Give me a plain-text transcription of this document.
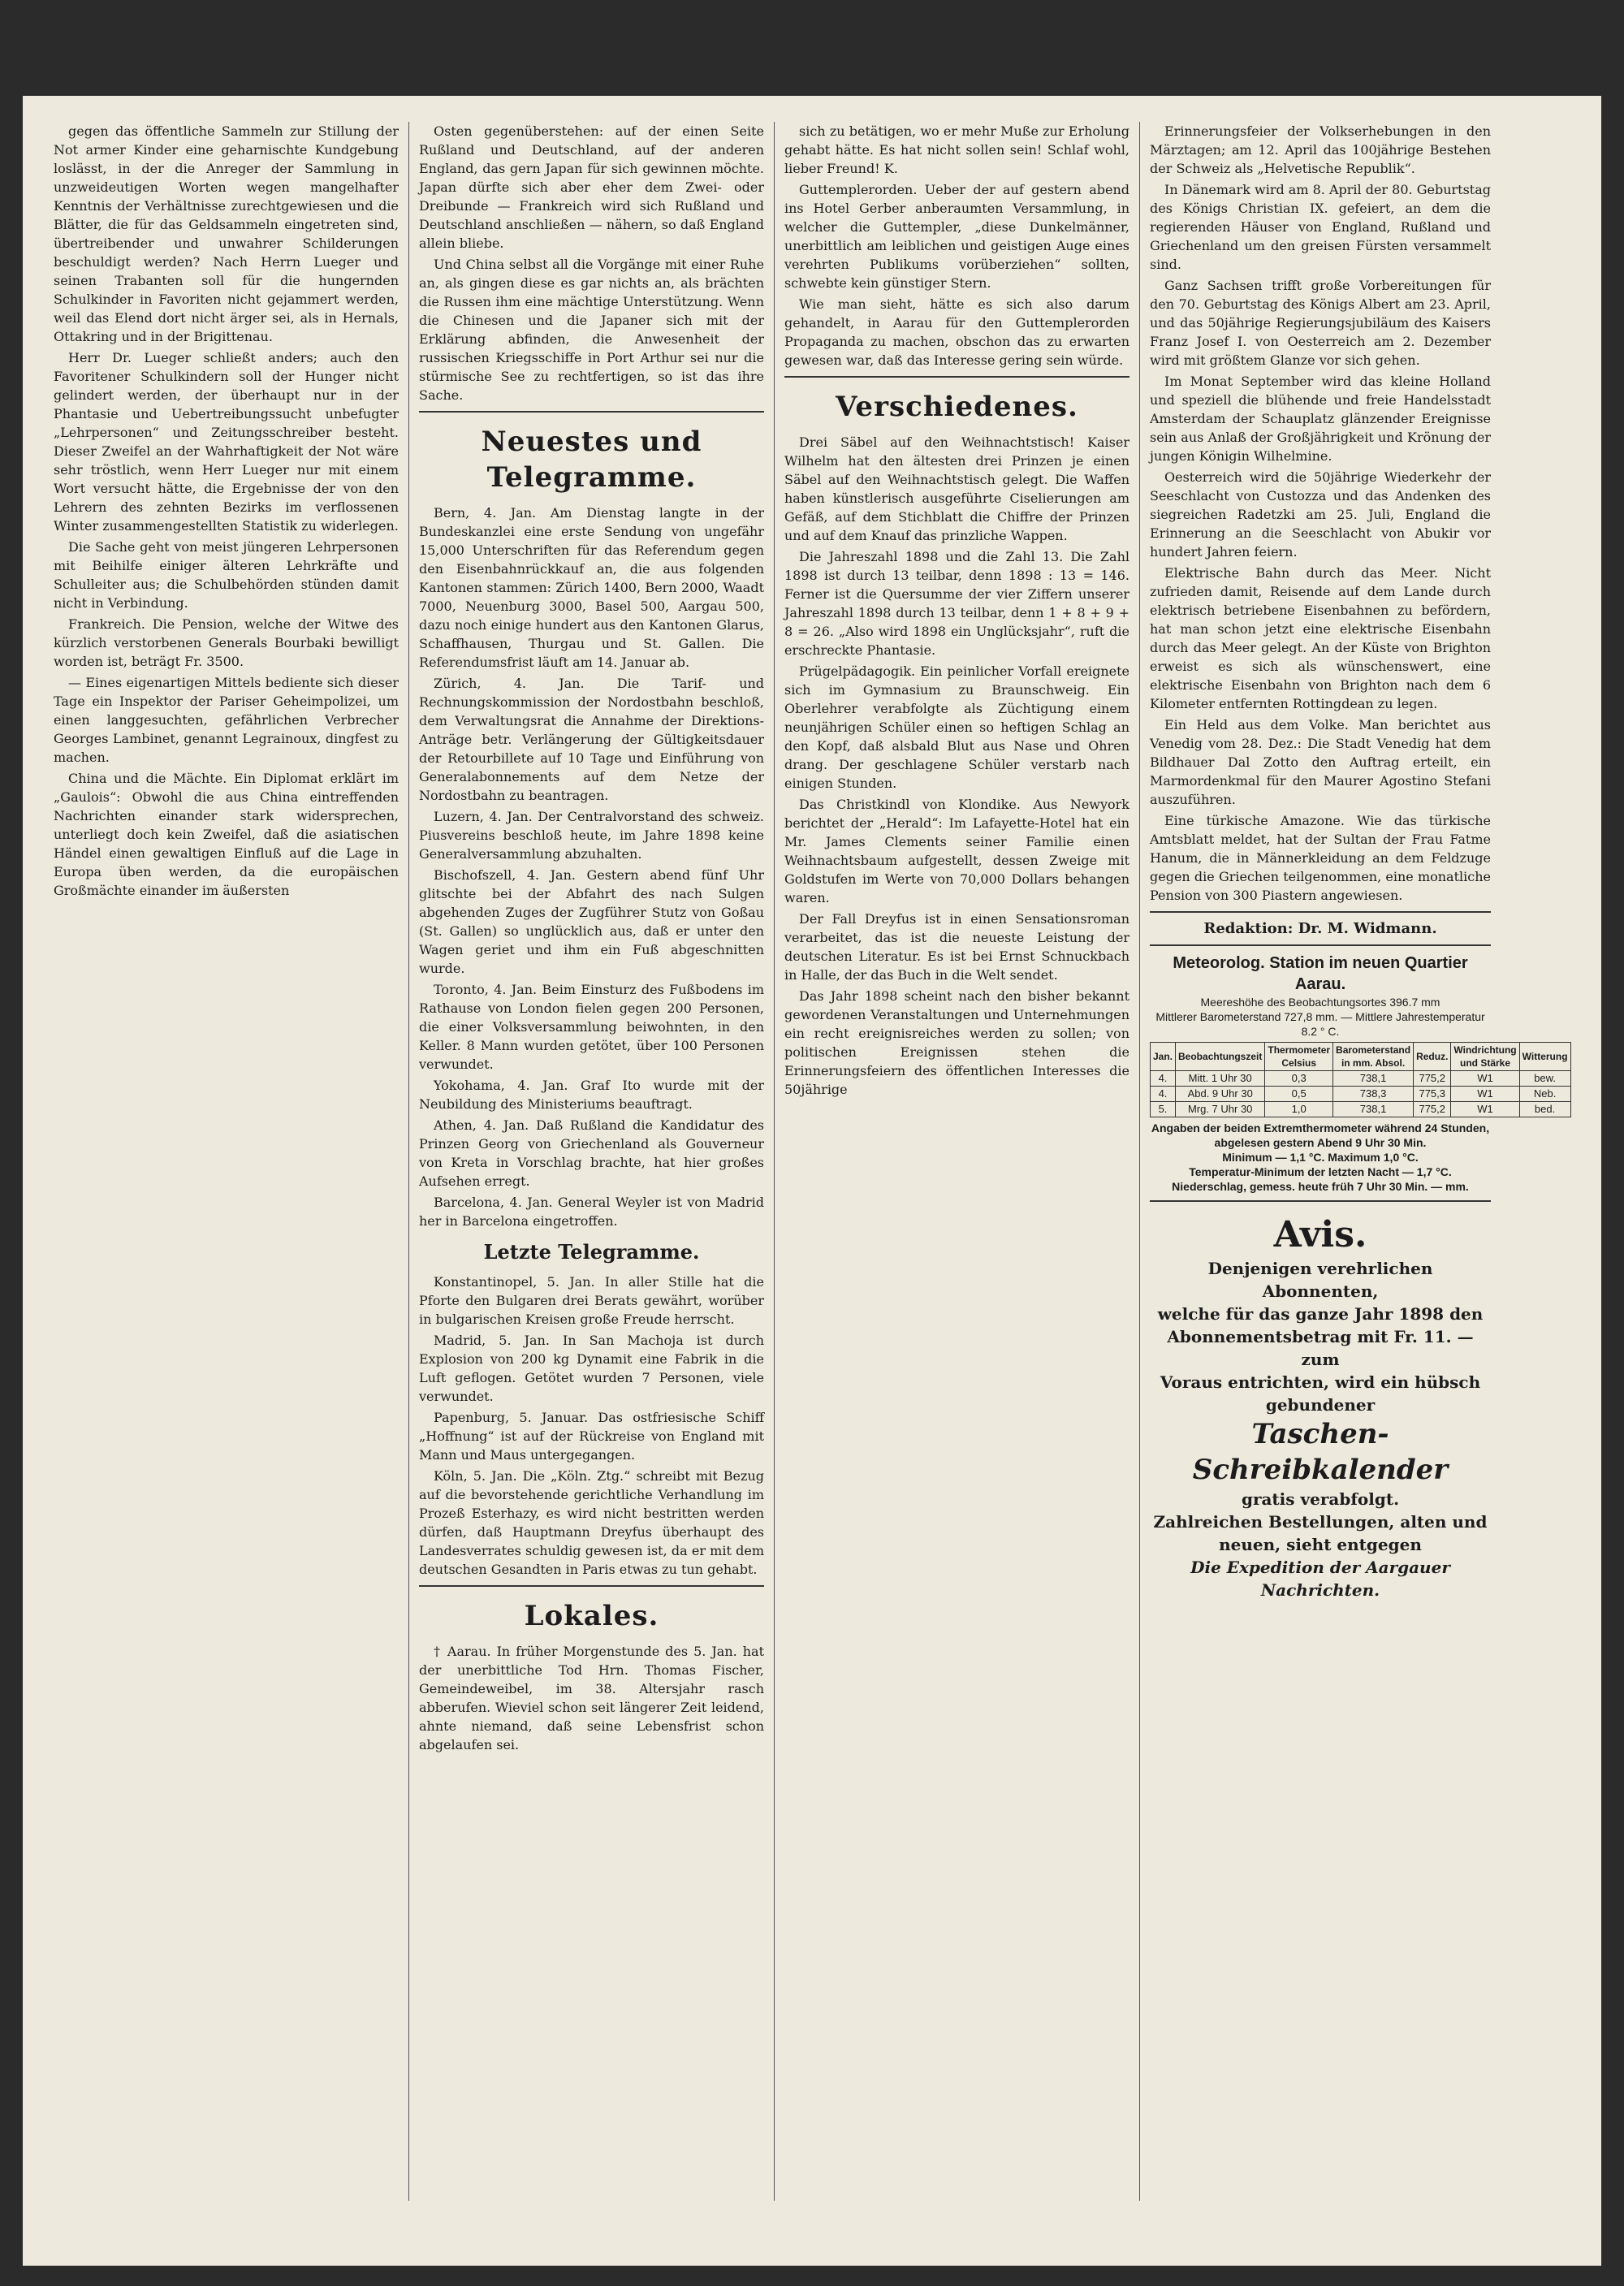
gegen das öffentliche Sammeln zur Stillung der Not armer Kinder eine geharnischte Kundgebung loslässt, in der die Anreger der Sammlung in unzweideutigen Worten wegen mangelhafter Kenntnis der Verhältnisse zurechtgewiesen und die Blätter, die für das Geldsammeln eingetreten sind, übertreibender und unwahrer Schilderungen beschuldigt werden? Nach Herrn Lueger und seinen Trabanten soll für die hungernden Schulkinder in Favoriten nicht gejammert werden, weil das Elend dort nicht ärger sei, als in Hernals, Ottakring und in der Brigittenau.

Herr Dr. Lueger schließt anders; auch den Favoritener Schulkindern soll der Hunger nicht gelindert werden, der überhaupt nur in der Phantasie und Uebertreibungssucht unbefugter „Lehrpersonen“ und Zeitungsschreiber besteht. Dieser Zweifel an der Wahrhaftigkeit der Not wäre sehr tröstlich, wenn Herr Lueger nur mit einem Wort versucht hätte, die Ergebnisse der von den Lehrern des zehnten Bezirks im verflossenen Winter zusammengestellten Statistik zu widerlegen.

Die Sache geht von meist jüngeren Lehrpersonen mit Beihilfe einiger älteren Lehrkräfte und Schulleiter aus; die Schulbehörden stünden damit nicht in Verbindung.

Frankreich. Die Pension, welche der Witwe des kürzlich verstorbenen Generals Bourbaki bewilligt worden ist, beträgt Fr. 3500.

— Eines eigenartigen Mittels bediente sich dieser Tage ein Inspektor der Pariser Geheimpolizei, um einen langgesuchten, gefährlichen Verbrecher Georges Lambinet, genannt Legrainoux, dingfest zu machen.

China und die Mächte. Ein Diplomat erklärt im „Gaulois“: Obwohl die aus China eintreffenden Nachrichten einander stark widersprechen, unterliegt doch kein Zweifel, daß die asiatischen Händel einen gewaltigen Einfluß auf die Lage in Europa üben werden, da die europäischen Großmächte einander im äußersten

Osten gegenüberstehen: auf der einen Seite Rußland und Deutschland, auf der anderen England, das gern Japan für sich gewinnen möchte. Japan dürfte sich aber eher dem Zwei- oder Dreibunde — Frankreich wird sich Rußland und Deutschland anschließen — nähern, so daß England allein bliebe.

Und China selbst all die Vorgänge mit einer Ruhe an, als gingen diese es gar nichts an, als brächten die Russen ihm eine mächtige Unterstützung. Wenn die Chinesen und die Japaner sich mit der Erklärung abfinden, die Anwesenheit der russischen Kriegsschiffe in Port Arthur sei nur die stürmische See zu rechtfertigen, so ist das ihre Sache.

Neuestes und Telegramme.

Bern, 4. Jan. Am Dienstag langte in der Bundeskanzlei eine erste Sendung von ungefähr 15,000 Unterschriften für das Referendum gegen den Eisenbahnrückkauf an, die aus folgenden Kantonen stammen: Zürich 1400, Bern 2000, Waadt 7000, Neuenburg 3000, Basel 500, Aargau 500, dazu noch einige hundert aus den Kantonen Glarus, Schaffhausen, Thurgau und St. Gallen. Die Referendumsfrist läuft am 14. Januar ab.

Zürich, 4. Jan. Die Tarif- und Rechnungskommission der Nordostbahn beschloß, dem Verwaltungsrat die Annahme der Direktions-Anträge betr. Verlängerung der Gültigkeitsdauer der Retourbillete auf 10 Tage und Einführung von Generalabonnements auf dem Netze der Nordostbahn zu beantragen.

Luzern, 4. Jan. Der Centralvorstand des schweiz. Piusvereins beschloß heute, im Jahre 1898 keine Generalversammlung abzuhalten.

Bischofszell, 4. Jan. Gestern abend fünf Uhr glitschte bei der Abfahrt des nach Sulgen abgehenden Zuges der Zugführer Stutz von Goßau (St. Gallen) so unglücklich aus, daß er unter den Wagen geriet und ihm ein Fuß abgeschnitten wurde.

Toronto, 4. Jan. Beim Einsturz des Fußbodens im Rathause von London fielen gegen 200 Personen, die einer Volksversammlung beiwohnten, in den Keller. 8 Mann wurden getötet, über 100 Personen verwundet.

Yokohama, 4. Jan. Graf Ito wurde mit der Neubildung des Ministeriums beauftragt.

Athen, 4. Jan. Daß Rußland die Kandidatur des Prinzen Georg von Griechenland als Gouverneur von Kreta in Vorschlag brachte, hat hier großes Aufsehen erregt.

Barcelona, 4. Jan. General Weyler ist von Madrid her in Barcelona eingetroffen.

Letzte Telegramme.

Konstantinopel, 5. Jan. In aller Stille hat die Pforte den Bulgaren drei Berats gewährt, worüber in bulgarischen Kreisen große Freude herrscht.

Madrid, 5. Jan. In San Machoja ist durch Explosion von 200 kg Dynamit eine Fabrik in die Luft geflogen. Getötet wurden 7 Personen, viele verwundet.

Papenburg, 5. Januar. Das ostfriesische Schiff „Hoffnung“ ist auf der Rückreise von England mit Mann und Maus untergegangen.

Köln, 5. Jan. Die „Köln. Ztg.“ schreibt mit Bezug auf die bevorstehende gerichtliche Verhandlung im Prozeß Esterhazy, es wird nicht bestritten werden dürfen, daß Hauptmann Dreyfus überhaupt des Landesverrates schuldig gewesen ist, da er mit dem deutschen Gesandten in Paris etwas zu tun gehabt.

Lokales.

† Aarau. In früher Morgenstunde des 5. Jan. hat der unerbittliche Tod Hrn. Thomas Fischer, Gemeindeweibel, im 38. Altersjahr rasch abberufen. Wieviel schon seit längerer Zeit leidend, ahnte niemand, daß seine Lebensfrist schon abgelaufen sei.

sich zu betätigen, wo er mehr Muße zur Erholung gehabt hätte. Es hat nicht sollen sein! Schlaf wohl, lieber Freund! K.

Guttemplerorden. Ueber der auf gestern abend ins Hotel Gerber anberaumten Versammlung, in welcher die Guttempler, „diese Dunkelmänner, unerbittlich am leiblichen und geistigen Auge eines verehrten Publikums vorüberziehen“ sollten, schwebte kein günstiger Stern.

Wie man sieht, hätte es sich also darum gehandelt, in Aarau für den Guttemplerorden Propaganda zu machen, obschon das zu erwarten gewesen war, daß das Interesse gering sein würde.

Verschiedenes.

Drei Säbel auf den Weihnachtstisch! Kaiser Wilhelm hat den ältesten drei Prinzen je einen Säbel auf den Weihnachtstisch gelegt. Die Waffen haben künstlerisch ausgeführte Ciselierungen am Gefäß, auf dem Stichblatt die Chiffre der Prinzen und auf dem Knauf das prinzliche Wappen.

Die Jahreszahl 1898 und die Zahl 13. Die Zahl 1898 ist durch 13 teilbar, denn 1898 : 13 = 146. Ferner ist die Quersumme der vier Ziffern unserer Jahreszahl 1898 durch 13 teilbar, denn 1 + 8 + 9 + 8 = 26. „Also wird 1898 ein Unglücksjahr“, ruft die erschreckte Phantasie.

Prügelpädagogik. Ein peinlicher Vorfall ereignete sich im Gymnasium zu Braunschweig. Ein Oberlehrer verabfolgte als Züchtigung einem neunjährigen Schüler einen so heftigen Schlag an den Kopf, daß alsbald Blut aus Nase und Ohren drang. Der geschlagene Schüler verstarb nach einigen Stunden.

Das Christkindl von Klondike. Aus Newyork berichtet der „Herald“: Im Lafayette-Hotel hat ein Mr. James Clements seiner Familie einen Weihnachtsbaum aufgestellt, dessen Zweige mit Goldstufen im Werte von 70,000 Dollars behangen waren.

Der Fall Dreyfus ist in einen Sensationsroman verarbeitet, das ist die neueste Leistung der deutschen Literatur. Es ist bei Ernst Schnuckbach in Halle, der das Buch in die Welt sendet.

Das Jahr 1898 scheint nach den bisher bekannt gewordenen Veranstaltungen und Unternehmungen ein recht ereignisreiches werden zu sollen; von politischen Ereignissen stehen die Erinnerungsfeiern des öffentlichen Interesses die 50jährige

Erinnerungsfeier der Volkserhebungen in den Märztagen; am 12. April das 100jährige Bestehen der Schweiz als „Helvetische Republik“.

In Dänemark wird am 8. April der 80. Geburtstag des Königs Christian IX. gefeiert, an dem die regierenden Häuser von England, Rußland und Griechenland um den greisen Fürsten versammelt sind.

Ganz Sachsen trifft große Vorbereitungen für den 70. Geburtstag des Königs Albert am 23. April, und das 50jährige Regierungsjubiläum des Kaisers Franz Josef I. von Oesterreich am 2. Dezember wird mit größtem Glanze vor sich gehen.

Im Monat September wird das kleine Holland und speziell die blühende und freie Handelsstadt Amsterdam der Schauplatz glänzender Ereignisse sein aus Anlaß der Großjährigkeit und Krönung der jungen Königin Wilhelmine.

Oesterreich wird die 50jährige Wiederkehr der Seeschlacht von Custozza und das Andenken des siegreichen Radetzki am 25. Juli, England die Erinnerung an die Seeschlacht von Abukir vor hundert Jahren feiern.

Elektrische Bahn durch das Meer. Nicht zufrieden damit, Reisende auf dem Lande durch elektrisch betriebene Eisenbahnen zu befördern, hat man schon jetzt eine elektrische Eisenbahn durch das Meer gelegt. An der Küste von Brighton erweist es sich als wünschenswert, eine elektrische Eisenbahn von Brighton nach dem 6 Kilometer entfernten Rottingdean zu legen.

Ein Held aus dem Volke. Man berichtet aus Venedig vom 28. Dez.: Die Stadt Venedig hat dem Bildhauer Dal Zotto den Auftrag erteilt, ein Marmordenkmal für den Maurer Agostino Stefani auszuführen.

Eine türkische Amazone. Wie das türkische Amtsblatt meldet, hat der Sultan der Frau Fatme Hanum, die in Männerkleidung an dem Feldzuge gegen die Griechen teilgenommen, eine monatliche Pension von 300 Piastern angewiesen.

Redaktion: Dr. M. Widmann.
Meteorolog. Station im neuen Quartier
Aarau.
Meereshöhe des Beobachtungsortes 396.7 mm
Mittlerer Barometerstand 727,8 mm. — Mittlere Jahrestemperatur 8.2 ° C.
Jan.	Beobachtungszeit	Thermometer Celsius	Barometerstand in mm. Absol.	Reduz.	Windrichtung und Stärke	Witterung
4.	Mitt. 1 Uhr 30	0,3	738,1	775,2	W1	bew.
4.	Abd. 9 Uhr 30	0,5	738,3	775,3	W1	Neb.
5.	Mrg. 7 Uhr 30	1,0	738,1	775,2	W1	bed.
Angaben der beiden Extremthermometer während 24 Stunden, abgelesen gestern Abend 9 Uhr 30 Min.
Minimum — 1,1 °C. Maximum 1,0 °C.
Temperatur-Minimum der letzten Nacht — 1,7 °C.
Niederschlag, gemess. heute früh 7 Uhr 30 Min. — mm.
Avis.
Denjenigen verehrlichen Abonnenten,
welche für das ganze Jahr 1898 den
Abonnementsbetrag mit Fr. 11. — zum
Voraus entrichten, wird ein hübsch gebundener
Taschen-Schreibkalender
gratis verabfolgt.
Zahlreichen Bestellungen, alten und neuen, sieht entgegen
Die Expedition der Aargauer Nachrichten.
